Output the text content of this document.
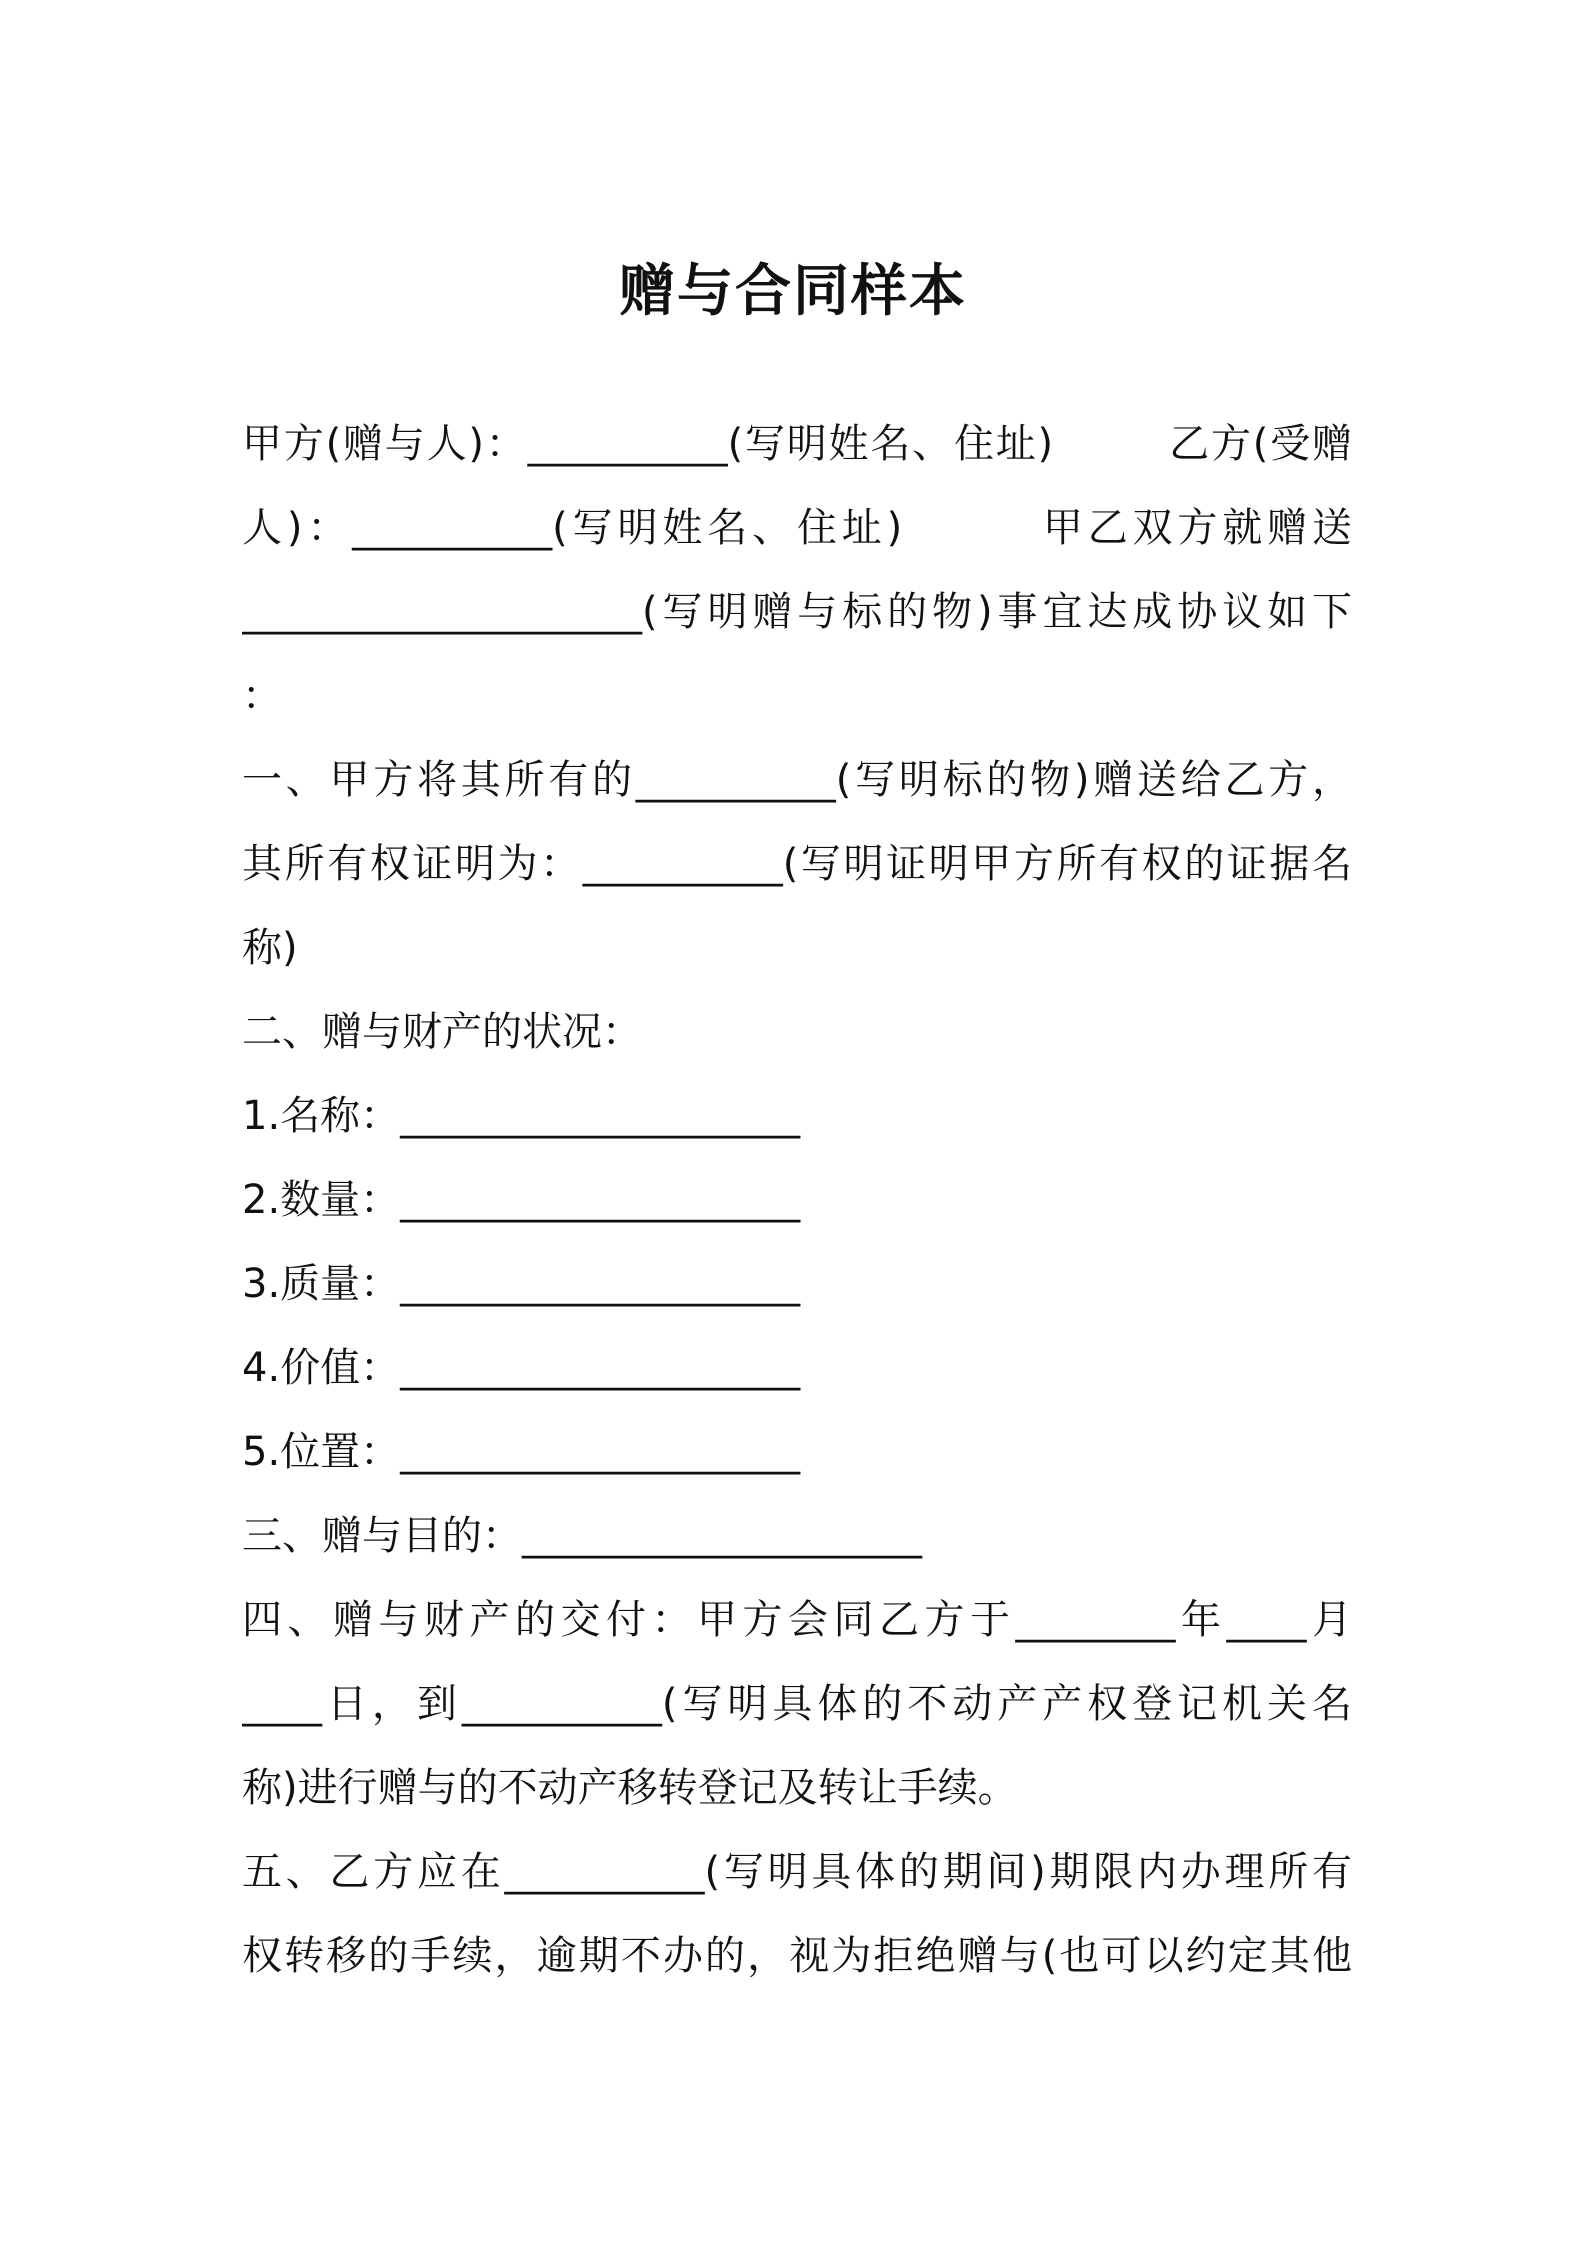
赠与合同样本
甲方(赠与人)：__________(写明姓名、住址)        乙方(受赠
人)：__________(写明姓名、住址)        甲乙双方就赠送
____________________(写明赠与标的物)事宜达成协议如下
：
一、甲方将其所有的__________(写明标的物)赠送给乙方，
其所有权证明为：__________(写明证明甲方所有权的证据名
称)
二、赠与财产的状况：
1.名称：____________________
2.数量：____________________
3.质量：____________________
4.价值：____________________
5.位置：____________________
三、赠与目的：____________________
四、赠与财产的交付：甲方会同乙方于________年____月
____日，到__________(写明具体的不动产产权登记机关名
称)进行赠与的不动产移转登记及转让手续。
五、乙方应在__________(写明具体的期间)期限内办理所有
权转移的手续，逾期不办的，视为拒绝赠与(也可以约定其他
